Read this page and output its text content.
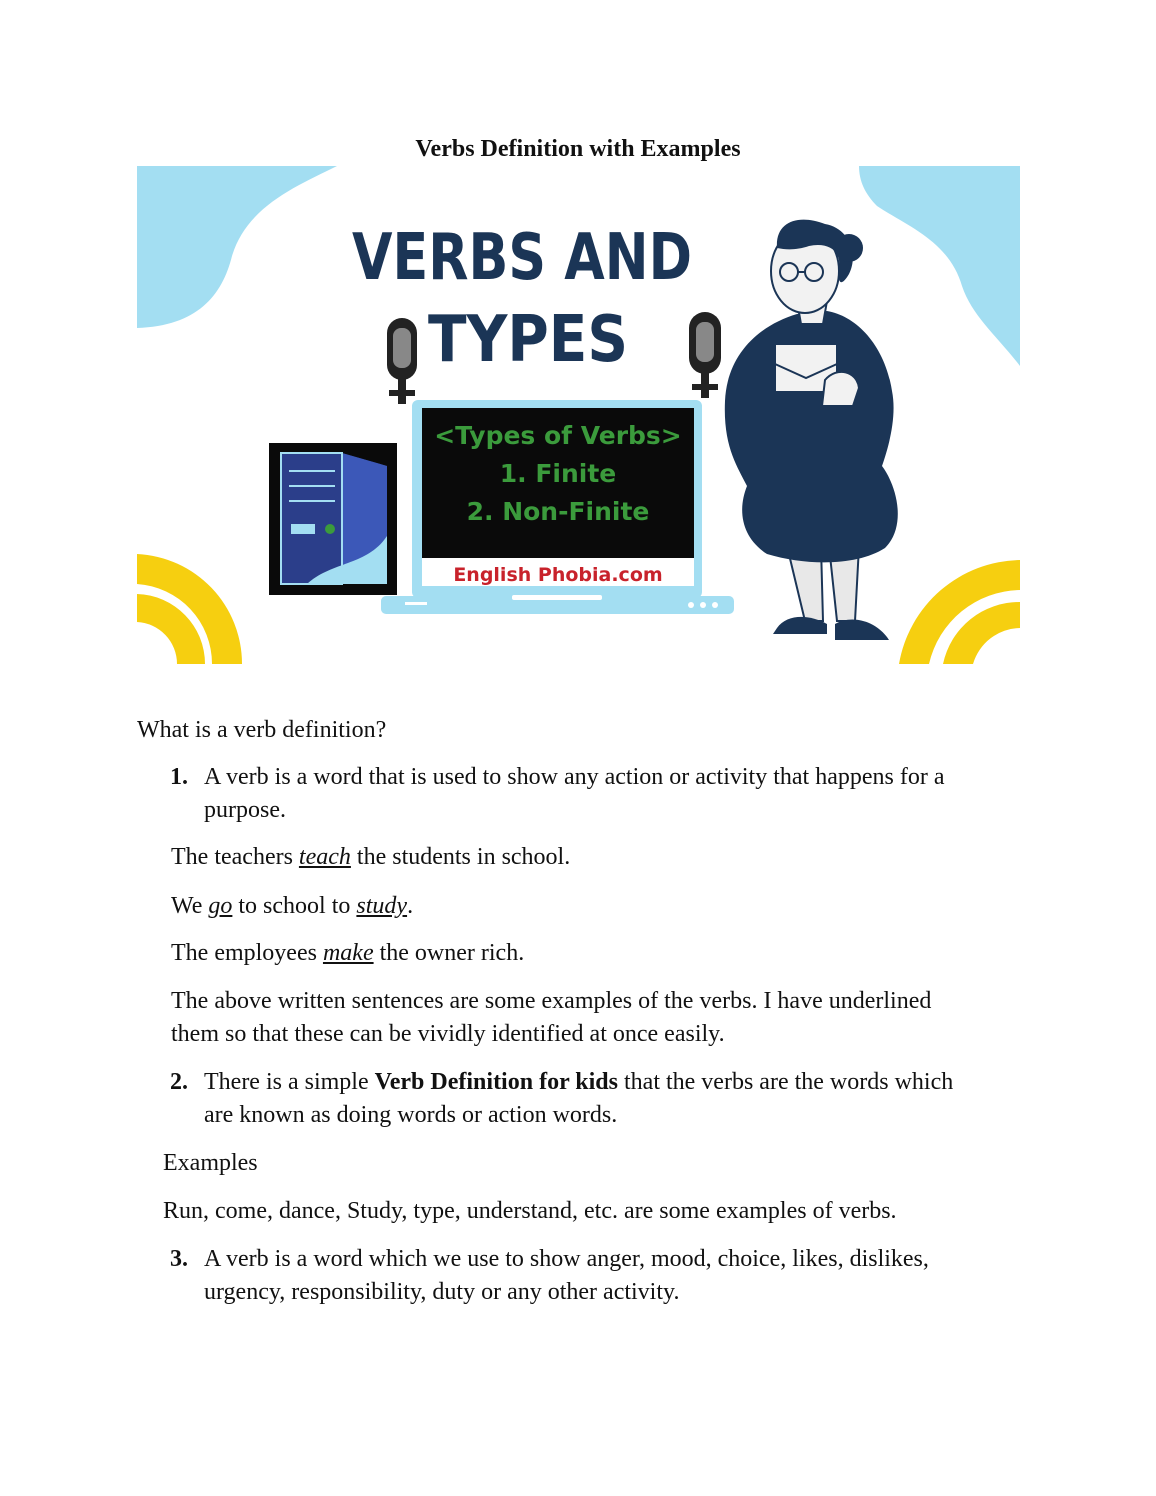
Verbs Definition with Examples
VERBS AND
TYPES
<Types of Verbs>
1. Finite
2. Non-Finite
English Phobia.com
What is a verb definition?
1. A verb is a word that is used to show any action or activity that happens for a
purpose.
The teachers teach the students in school.
We go to school to study.
The employees make the owner rich.
The above written sentences are some examples of the verbs. I have underlined
them so that these can be vividly identified at once easily.
2. There is a simple Verb Definition for kids that the verbs are the words which
are known as doing words or action words.
Examples
Run, come, dance, Study, type, understand, etc. are some examples of verbs.
3. A verb is a word which we use to show anger, mood, choice, likes, dislikes,
urgency, responsibility, duty or any other activity.
